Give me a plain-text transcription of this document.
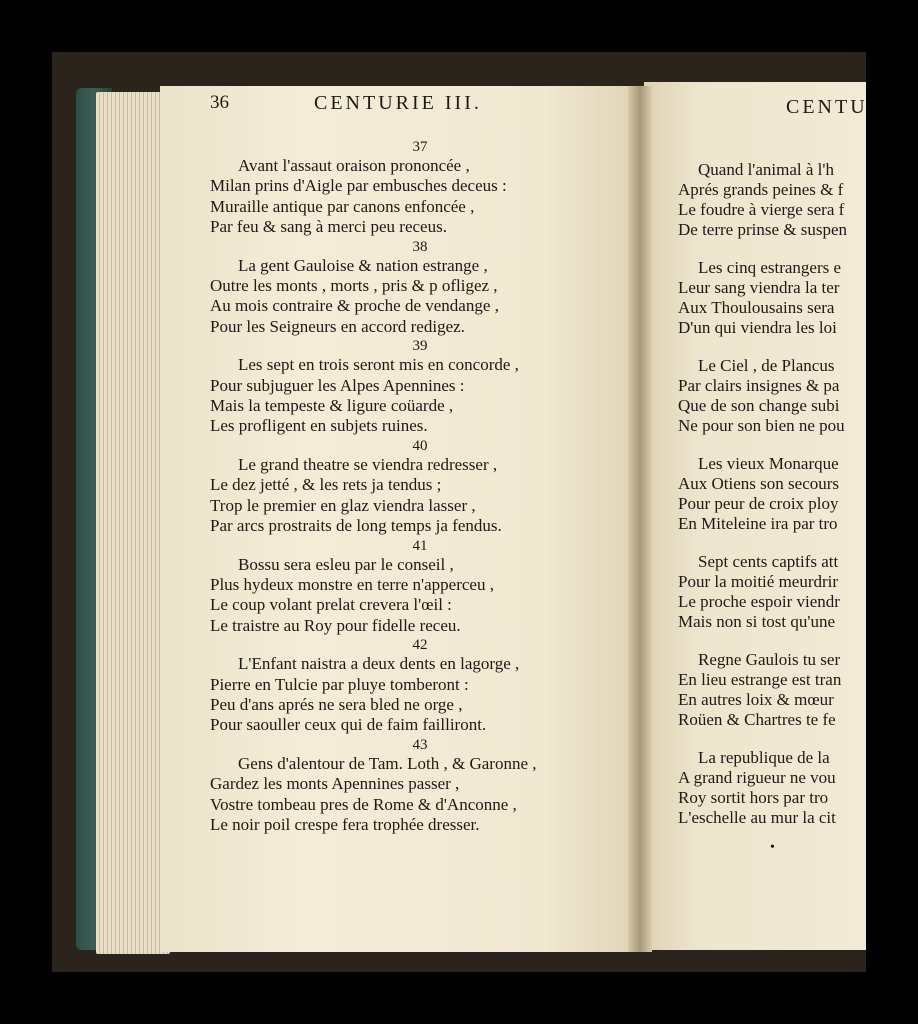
36	CENTURIE III.
37
Avant l'assaut oraison prononcée ,
Milan prins d'Aigle par embusches deceus :
Muraille antique par canons enfoncée ,
Par feu & sang à merci peu receus.
38
La gent Gauloise & nation estrange ,
Outre les monts , morts , pris & p ofligez ,
Au mois contraire & proche de vendange ,
Pour les Seigneurs en accord redigez.
39
Les sept en trois seront mis en concorde ,
Pour subjuguer les Alpes Apennines :
Mais la tempeste & ligure coüarde ,
Les profligent en subjets ruines.
40
Le grand theatre se viendra redresser ,
Le dez jetté , & les rets ja tendus ;
Trop le premier en glaz viendra lasser ,
Par arcs prostraits de long temps ja fendus.
41
Bossu sera esleu par le conseil ,
Plus hydeux monstre en terre n'apperceu ,
Le coup volant prelat crevera l'œil :
Le traistre au Roy pour fidelle receu.
42
L'Enfant naistra a deux dents en lagorge ,
Pierre en Tulcie par pluye tomberont :
Peu d'ans aprés ne sera bled ne orge ,
Pour saouller ceux qui de faim failliront.
43
Gens d'alentour de Tam. Loth , & Garonne ,
Gardez les monts Apennines passer ,
Vostre tombeau pres de Rome & d'Anconne ,
Le noir poil crespe fera trophée dresser.
CENTU
Quand l'animal à l'h
Aprés grands peines & f
Le foudre à vierge sera f
De terre prinse & suspen
Les cinq estrangers e
Leur sang viendra la ter
Aux Thoulousains sera
D'un qui viendra les loi
Le Ciel , de Plancus
Par clairs insignes & pa
Que de son change subi
Ne pour son bien ne pou
Les vieux Monarque
Aux Otiens son secours
Pour peur de croix ploy
En Miteleine ira par tro
Sept cents captifs att
Pour la moitié meurdrir
Le proche espoir viendr
Mais non si tost qu'une
Regne Gaulois tu ser
En lieu estrange est tran
En autres loix & mœur
Roüen & Chartres te fe
La republique de la
A grand rigueur ne vou
Roy sortit hors par tro
L'eschelle au mur la cit
•
